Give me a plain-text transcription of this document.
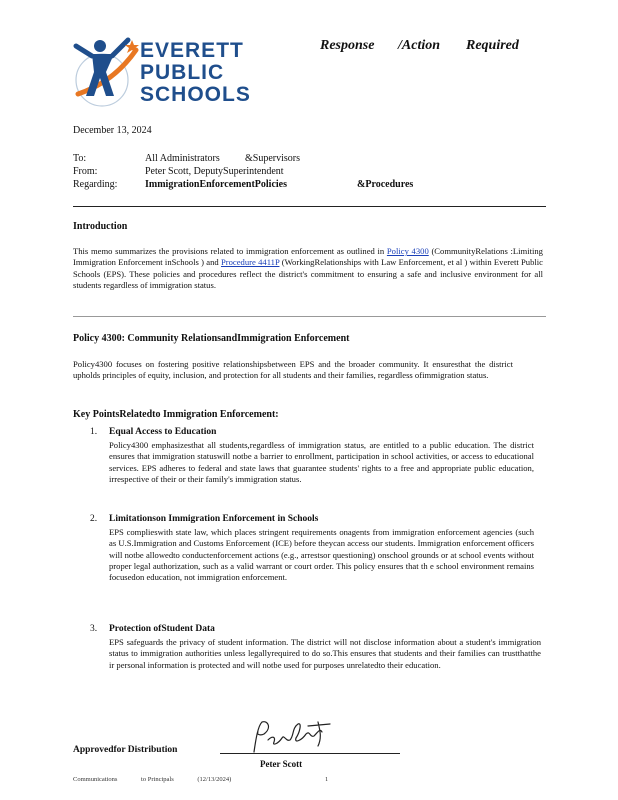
EVERETT
PUBLIC
SCHOOLS
Response /Action Required
December 13, 2024
To:	All Administrators	&Supervisors
From:	Peter Scott, DeputySuperintendent
Regarding:	ImmigrationEnforcementPolicies	&Procedures
Introduction
This memo summarizes the provisions related to immigration enforcement as outlined in Policy 4300 (CommunityRelations :Limiting Immigration Enforcement inSchools ) and Procedure 4411P (WorkingRelationships with Law Enforcement, et al ) within Everett Public Schools (EPS). These policies and procedures reflect the district's commitment to ensuring a safe and inclusive environment for all students regardless of immigration status.
Policy 4300: Community RelationsandImmigration Enforcement
Policy4300 focuses on fostering positive relationshipsbetween EPS and the broader community. It ensuresthat the district upholds principles of equity, inclusion, and protection for all students and their families, regardless ofimmigration status.
Key PointsRelatedto Immigration Enforcement:
1. Equal Access to Education
Policy4300 emphasizesthat all students,regardless of immigration status, are entitled to a public education. The district ensures that immigration statuswill notbe a barrier to enrollment, participation in school activities, or access to educational services. EPS adheres to federal and state laws that guarantee students' rights to a free and appropriate public education, irrespective of their or their family's immigration status.
2. Limitationson Immigration Enforcement in Schools
EPS complieswith state law, which places stringent requirements onagents from immigration enforcement agencies (such as U.S.Immigration and Customs Enforcement (ICE) before theycan access our students. Immigration enforcement officers will notbe allowedto conductenforcement actions (e.g., arrestsor questioning) onschool grounds or at school events without proper legal authorization, such as a valid warrant or court order. This policy ensures that th e school environment remains focusedon education, not immigration enforcement.
3. Protection ofStudent Data
EPS safeguards the privacy of student information. The district will not disclose information about a student's immigration status to immigration authorities unless legallyrequired to do so.This ensures that students and their families can trustthatthe ir personal information is protected and will notbe used for purposes unrelatedto their education.
Approvedfor Distribution
Peter Scott
Communications	to Principals	(12/13/2024)	1
